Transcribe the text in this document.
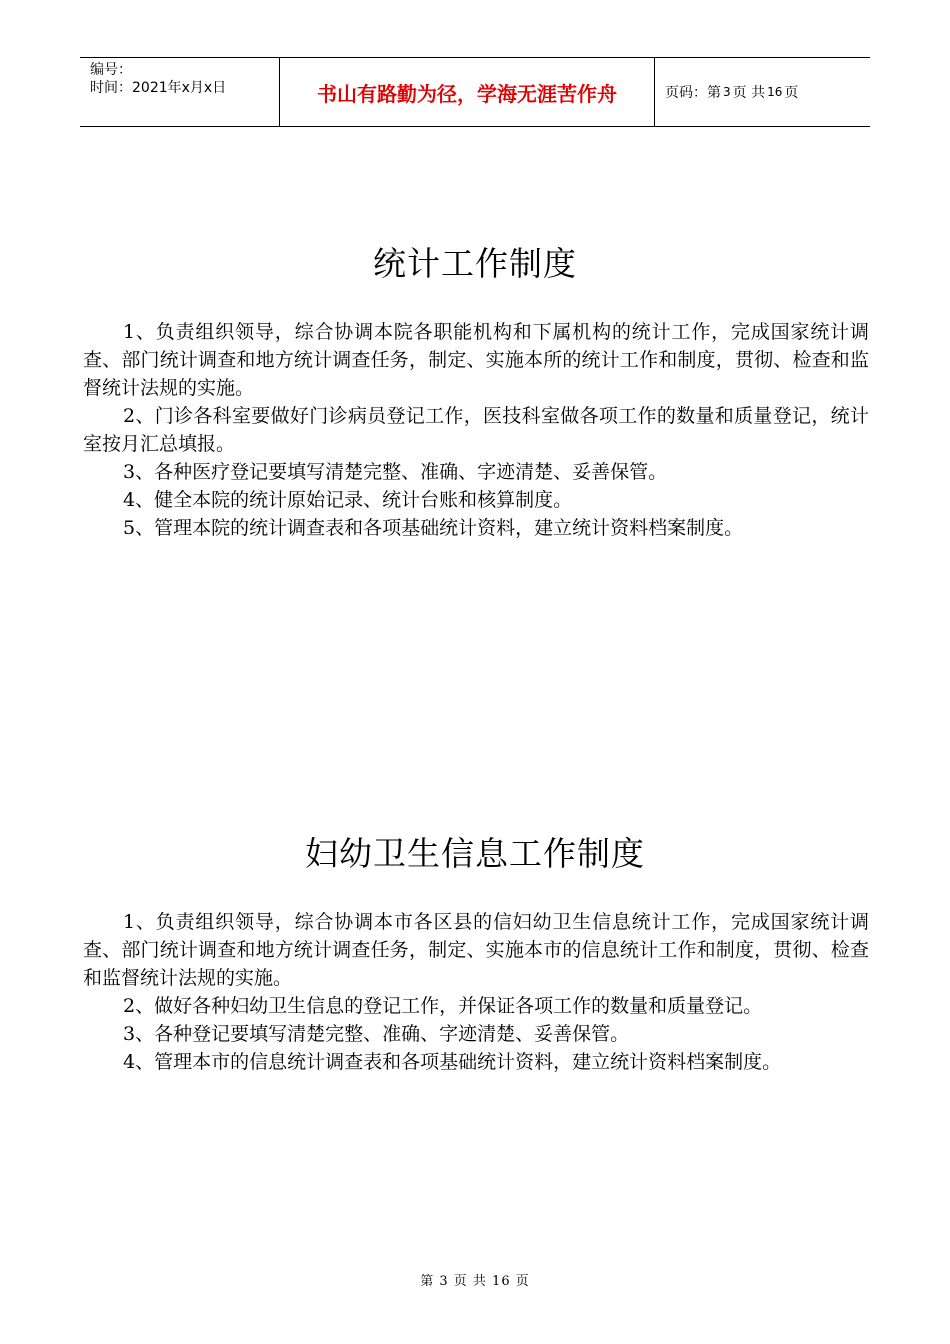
编号：
时间：2021年x月x日	书山有路勤为径，学海无涯苦作舟	页码：第 3 页 共 16 页
统计工作制度

1、负责组织领导，综合协调本院各职能机构和下属机构的统计工作，完成国家统计调查、部门统计调查和地方统计调查任务，制定、实施本所的统计工作和制度，贯彻、检查和监督统计法规的实施。

2、门诊各科室要做好门诊病员登记工作，医技科室做各项工作的数量和质量登记，统计室按月汇总填报。

3、各种医疗登记要填写清楚完整、准确、字迹清楚、妥善保管。

4、健全本院的统计原始记录、统计台账和核算制度。

5、管理本院的统计调查表和各项基础统计资料，建立统计资料档案制度。

妇幼卫生信息工作制度

1、负责组织领导，综合协调本市各区县的信妇幼卫生信息统计工作，完成国家统计调查、部门统计调查和地方统计调查任务，制定、实施本市的信息统计工作和制度，贯彻、检查和监督统计法规的实施。

2、做好各种妇幼卫生信息的登记工作，并保证各项工作的数量和质量登记。

3、各种登记要填写清楚完整、准确、字迹清楚、妥善保管。

4、管理本市的信息统计调查表和各项基础统计资料，建立统计资料档案制度。

第 3 页 共 16 页
